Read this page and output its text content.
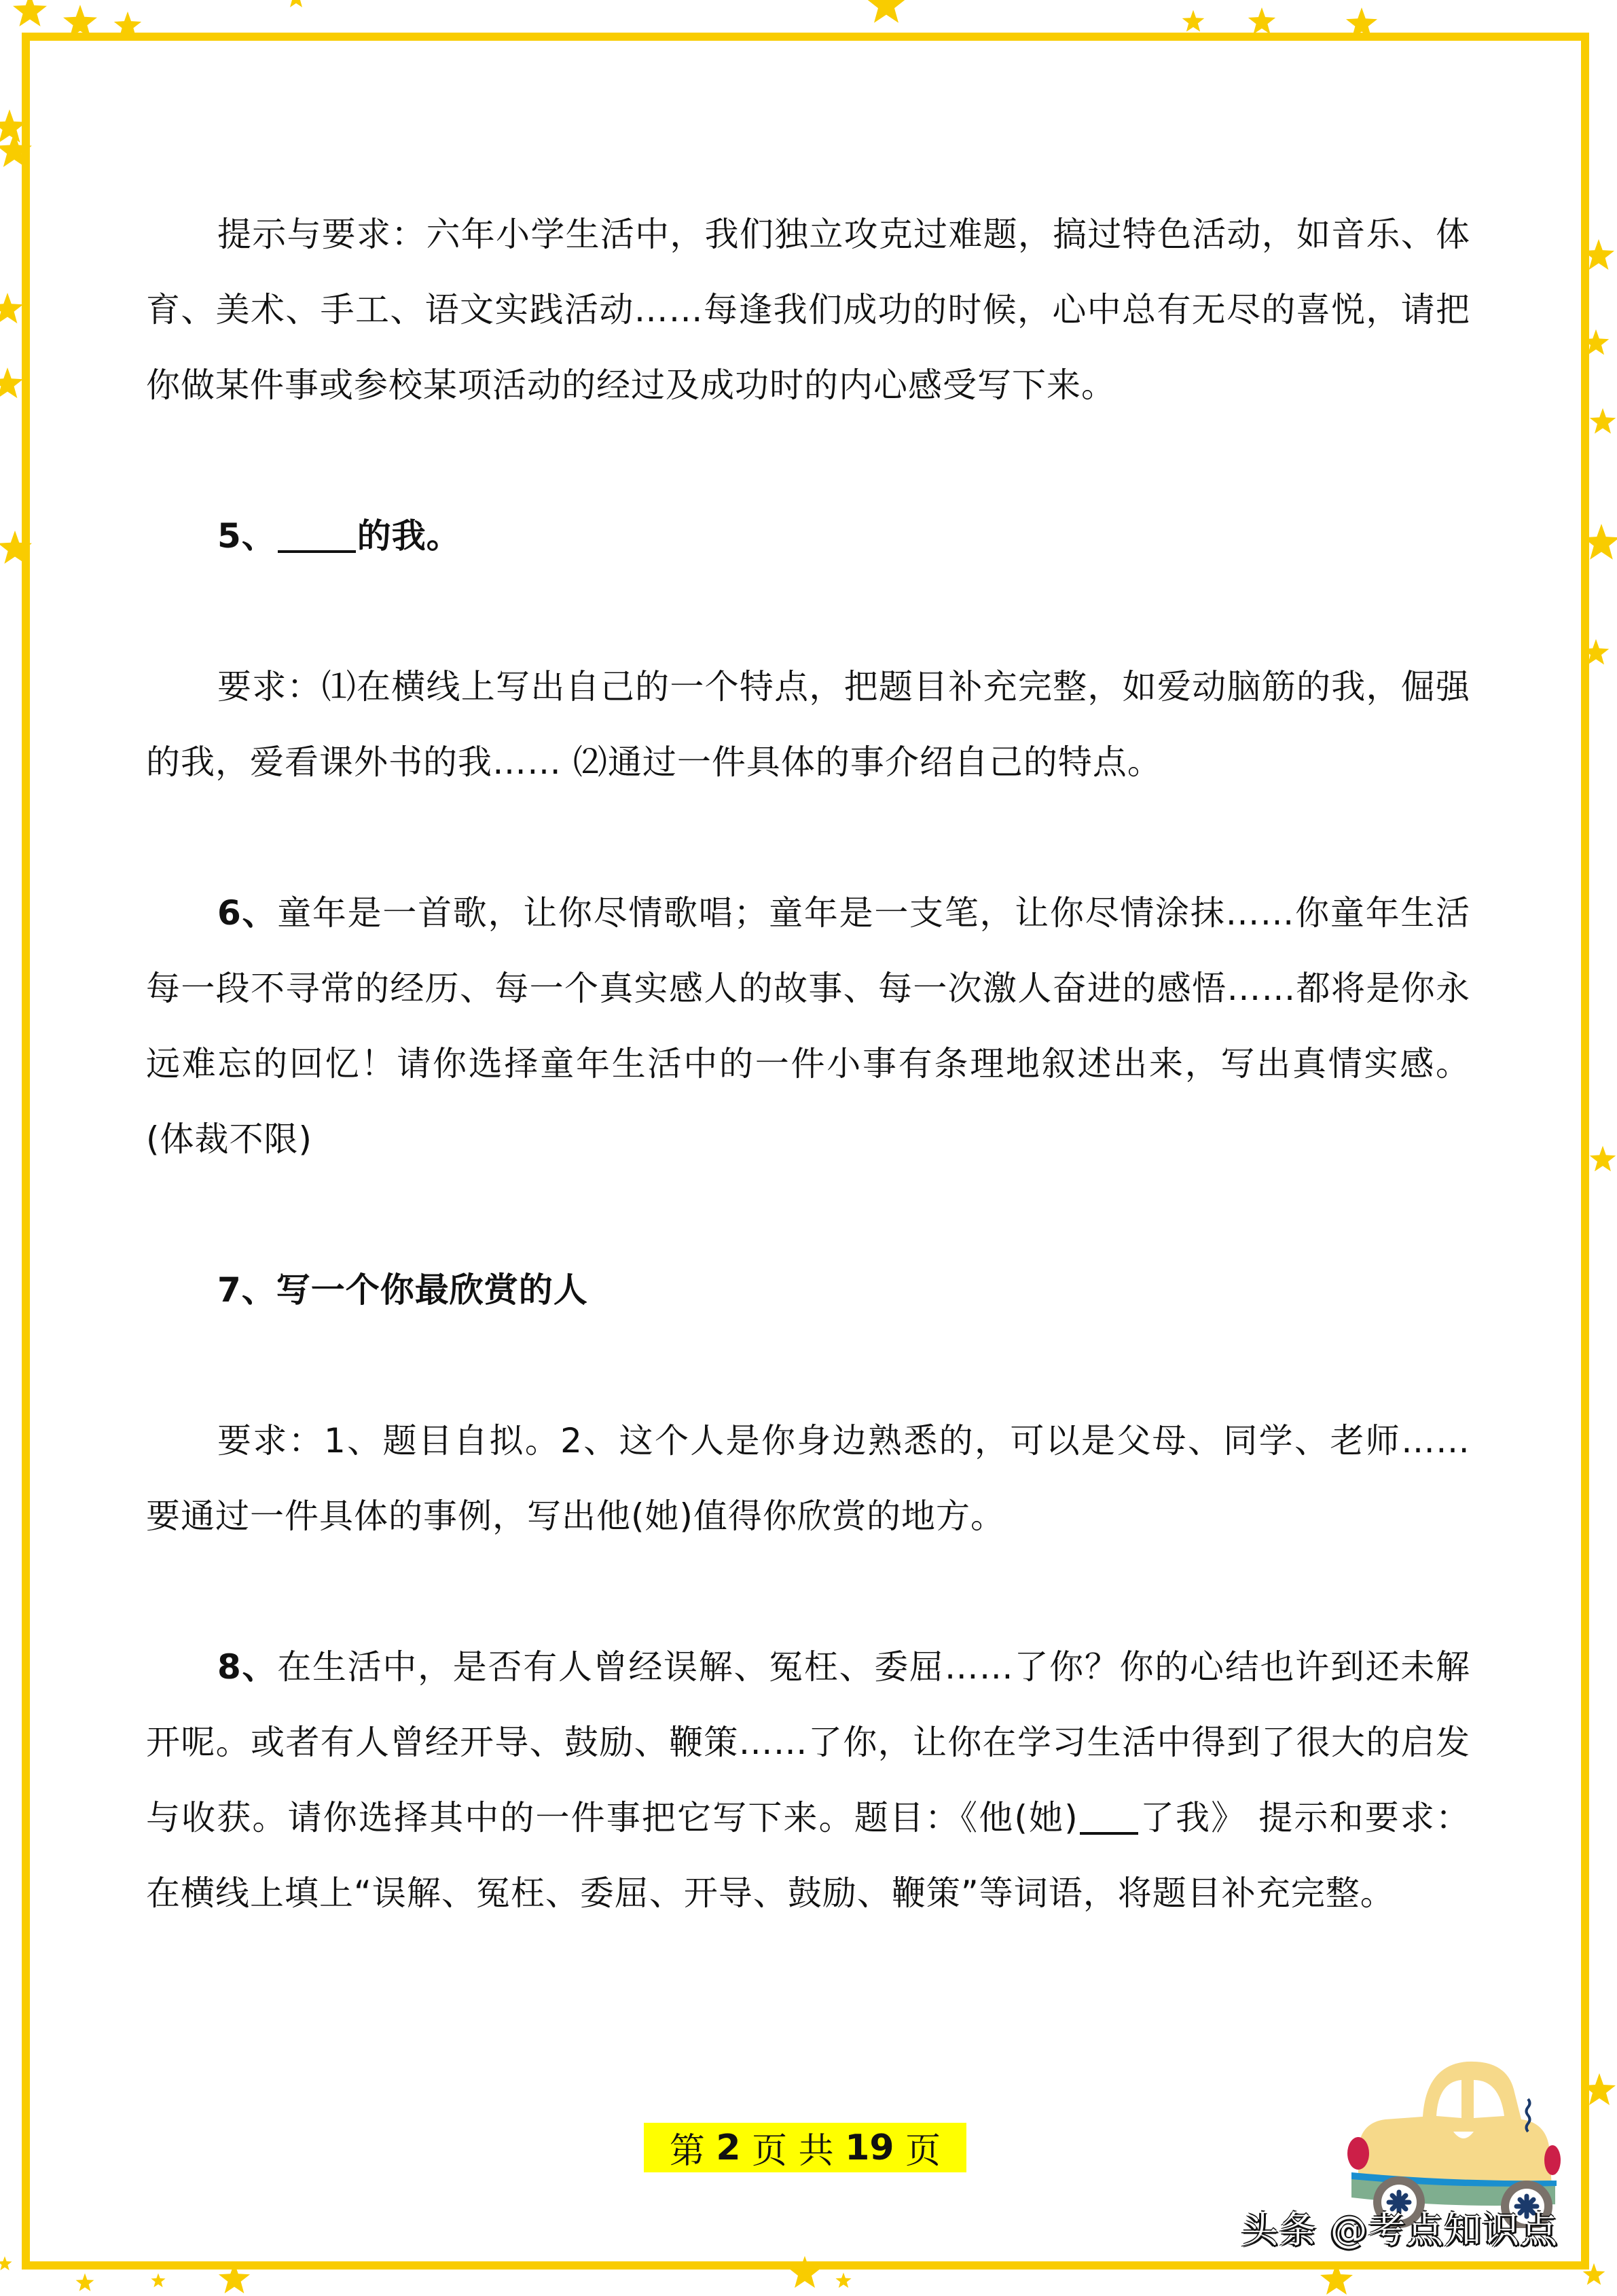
提示与要求：六年小学生活中，我们独立攻克过难题，搞过特色活动，如音乐、体育、美术、手工、语文实践活动……每逢我们成功的时候，心中总有无尽的喜悦，请把你做某件事或参校某项活动的经过及成功时的内心感受写下来。

5、 的我。

要求：⑴在横线上写出自己的一个特点，把题目补充完整，如爱动脑筋的我，倔强的我，爱看课外书的我…… ⑵通过一件具体的事介绍自己的特点。

6、童年是一首歌，让你尽情歌唱；童年是一支笔，让你尽情涂抹……你童年生活每一段不寻常的经历、每一个真实感人的故事、每一次激人奋进的感悟……都将是你永远难忘的回忆！请你选择童年生活中的一件小事有条理地叙述出来，写出真情实感。(体裁不限)

7、写一个你最欣赏的人

要求：1、题目自拟。2、这个人是你身边熟悉的，可以是父母、同学、老师……要通过一件具体的事例，写出他(她)值得你欣赏的地方。

8、在生活中，是否有人曾经误解、冤枉、委屈……了你？你的心结也许到还未解开呢。或者有人曾经开导、鼓励、鞭策……了你，让你在学习生活中得到了很大的启发与收获。请你选择其中的一件事把它写下来。题目：《他(她) 了我》 提示和要求：在横线上填上“误解、冤枉、委屈、开导、鼓励、鞭策”等词语，将题目补充完整。

第 2 页 共 19 页
头条 @考点知识点
